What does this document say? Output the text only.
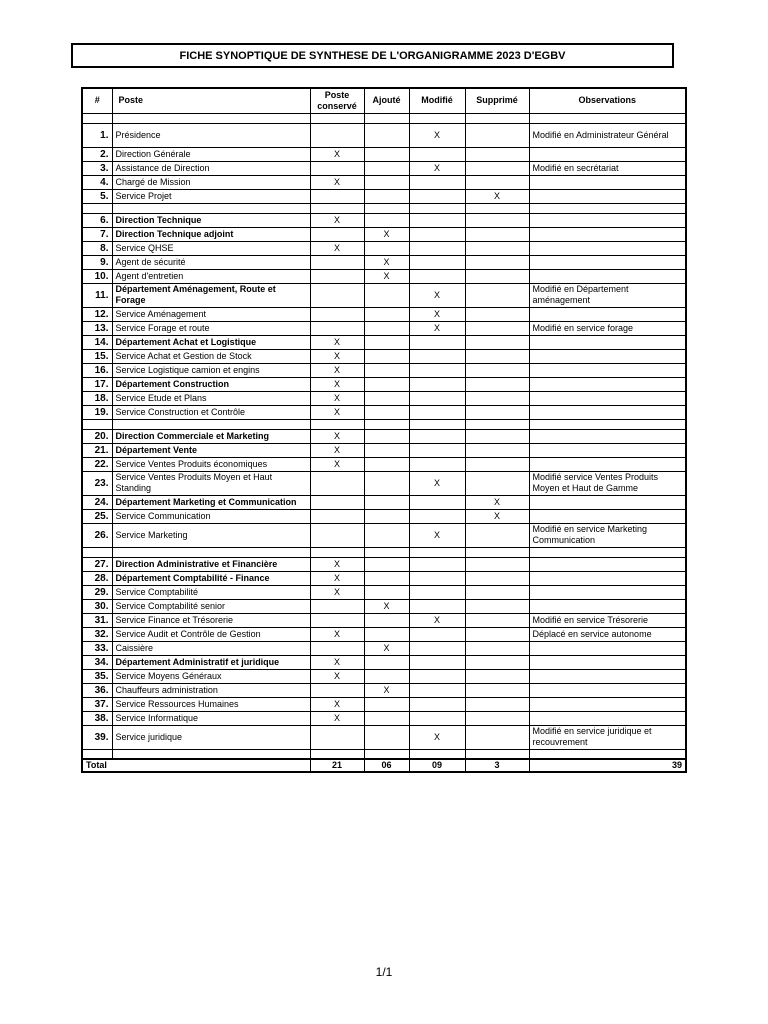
FICHE SYNOPTIQUE DE SYNTHESE DE L'ORGANIGRAMME 2023 D'EGBV
#	Poste	Poste conservé	Ajouté	Modifié	Supprimé	Observations

1.	Présidence			X		Modifié en Administrateur Général
2.	Direction Générale	X				
3.	Assistance de Direction			X		Modifié en secrétariat
4.	Chargé de Mission	X				
5.	Service Projet				X	

6.	Direction Technique	X				
7.	Direction Technique adjoint		X			
8.	Service QHSE	X				
9.	Agent de sécurité		X			
10.	Agent d'entretien		X			
11.	Département Aménagement, Route et Forage			X		Modifié en Département aménagement
12.	Service Aménagement			X		
13.	Service Forage et route			X		Modifié en service forage
14.	Département Achat et Logistique	X				
15.	Service Achat et Gestion de Stock	X				
16.	Service Logistique camion et engins	X				
17.	Département Construction	X				
18.	Service Etude et Plans	X				
19.	Service Construction et Contrôle	X				

20.	Direction Commerciale et Marketing	X				
21.	Département Vente	X				
22.	Service Ventes Produits économiques	X				
23.	Service Ventes Produits Moyen et Haut Standing			X		Modifié service Ventes Produits Moyen et Haut de Gamme
24.	Département Marketing et Communication				X	
25.	Service Communication				X	
26.	Service Marketing			X		Modifié en service Marketing Communication

27.	Direction Administrative et Financière	X				
28.	Département Comptabilité - Finance	X				
29.	Service Comptabilité	X				
30.	Service Comptabilité senior		X			
31.	Service Finance et Trésorerie			X		Modifié en service Trésorerie
32.	Service Audit et Contrôle de Gestion	X				Déplacé en service autonome
33.	Caissière		X			
34.	Département Administratif et juridique	X				
35.	Service Moyens Généraux	X				
36.	Chauffeurs administration		X			
37.	Service Ressources Humaines	X				
38.	Service Informatique	X				
39.	Service juridique			X		Modifié en service juridique et recouvrement

Total		21	06	09	3	39
1/1
